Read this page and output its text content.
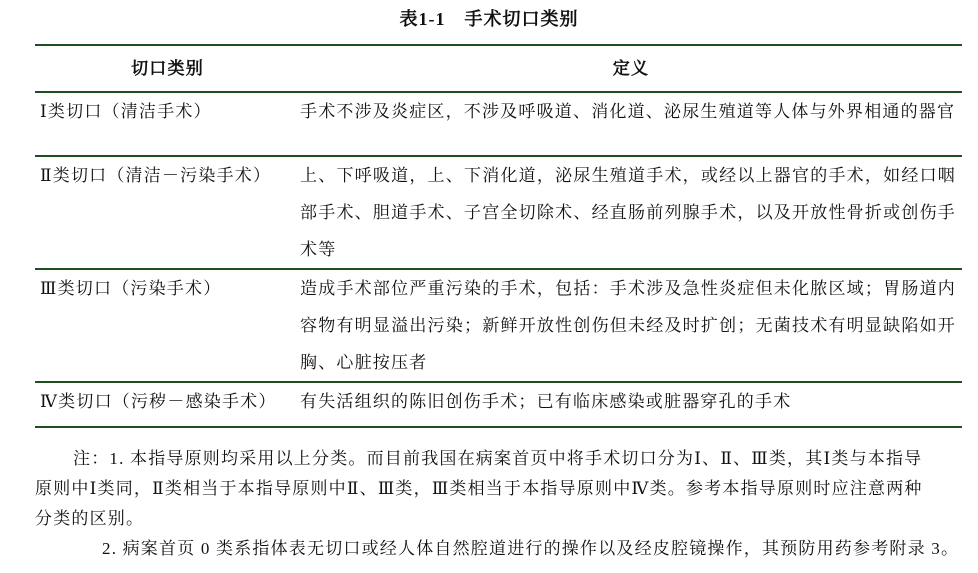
表1-1　手术切口类别
切口类别	定义
Ⅰ类切口（清洁手术）	手术不涉及炎症区，不涉及呼吸道、消化道、泌尿生殖道等人体与外界相通的器官
Ⅱ类切口（清洁－污染手术）	上、下呼吸道，上、下消化道，泌尿生殖道手术，或经以上器官的手术，如经口咽部手术、胆道手术、子宫全切除术、经直肠前列腺手术，以及开放性骨折或创伤手术等
Ⅲ类切口（污染手术）	造成手术部位严重污染的手术，包括：手术涉及急性炎症但未化脓区域；胃肠道内容物有明显溢出污染；新鲜开放性创伤但未经及时扩创；无菌技术有明显缺陷如开胸、心脏按压者
Ⅳ类切口（污秽－感染手术）	有失活组织的陈旧创伤手术；已有临床感染或脏器穿孔的手术
注：1. 本指导原则均采用以上分类。而目前我国在病案首页中将手术切口分为Ⅰ、Ⅱ、Ⅲ类，其Ⅰ类与本指导
原则中Ⅰ类同，Ⅱ类相当于本指导原则中Ⅱ、Ⅲ类，Ⅲ类相当于本指导原则中Ⅳ类。参考本指导原则时应注意两种
分类的区别。
2. 病案首页 0 类系指体表无切口或经人体自然腔道进行的操作以及经皮腔镜操作，其预防用药参考附录 3。
